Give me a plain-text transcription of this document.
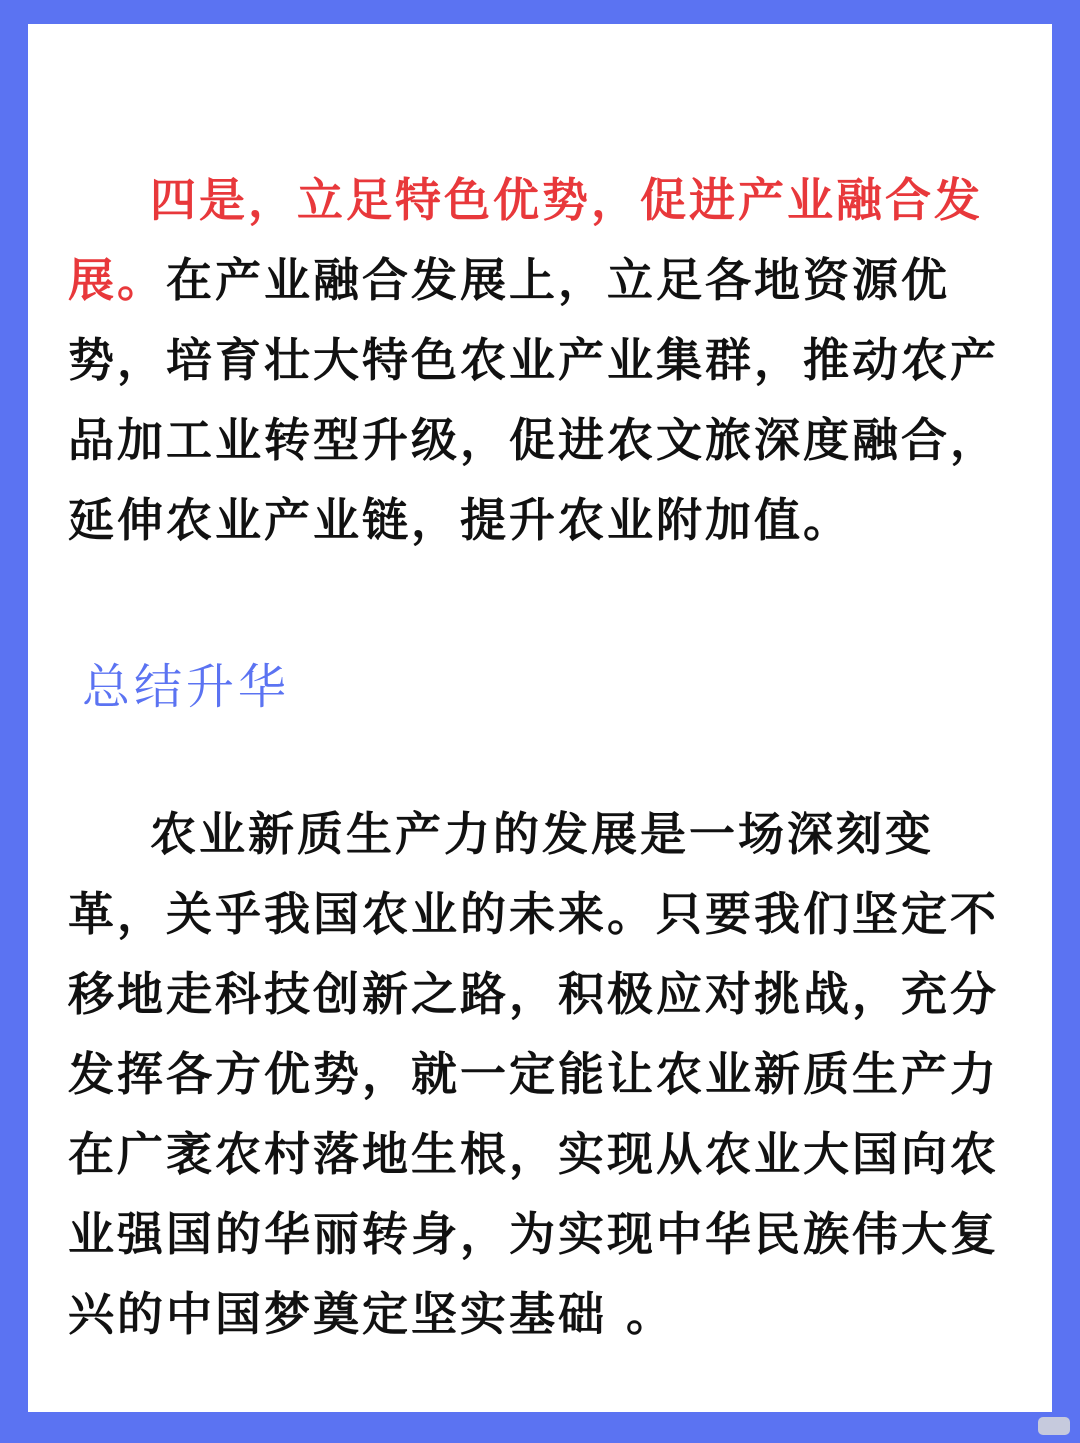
四是，立足特色优势，促进产业融合发展。在产业融合发展上，立足各地资源优势，培育壮大特色农业产业集群，推动农产品加工业转型升级，促进农文旅深度融合，延伸农业产业链，提升农业附加值。

总结升华

农业新质生产力的发展是一场深刻变革，关乎我国农业的未来。只要我们坚定不移地走科技创新之路，积极应对挑战，充分发挥各方优势，就一定能让农业新质生产力在广袤农村落地生根，实现从农业大国向农业强国的华丽转身，为实现中华民族伟大复兴的中国梦奠定坚实基础 。
